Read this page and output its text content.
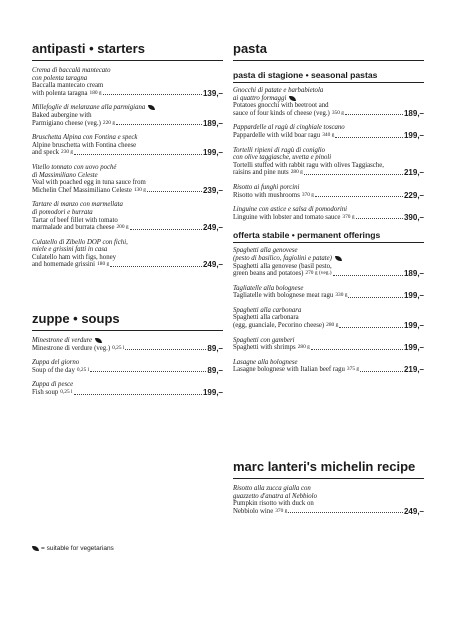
antipasti • starters
Crema di baccalà mantecato
con polenta taragna
Baccalla mantecato cream
with polenta taragna 180 g	139,–
Millefoglie di melanzane alla parmigiana
Baked aubergine with
Parmigiano cheese (veg.) 220 g	189,–
Bruschetta Alpina con Fontina e speck
Alpine bruschetta with Fontina cheese
and speck 230 g	199,–
Vitello tonnato con uovo poché
di Massimiliano Celeste
Veal with poached egg in tuna sauce from
Michelin Chef Massimiliano Celeste 130 g	239,–
Tartare di manzo con marmellata
di pomodori e burrata
Tartar of beef fillet with tomato
marmalade and burrata cheese 200 g	249,–
Culatello di Zibello DOP con fichi,
miele e grissini fatti in casa
Culatello ham with figs, honey
and homemade grissini 180 g	249,–
zuppe • soups
Minestrone di verdure
Minestrone di verdure (veg.) 0,25 l	89,–
Zuppa del giorno
Soup of the day 0,25 l	89,–
Zuppa di pesce
Fish soup 0,25 l	199,–
pasta
pasta di stagione • seasonal pastas
Gnocchi di patate e barbabietola
ai quattro formaggi
Potatoes gnocchi with beetroot and
sauce of four kinds of cheese (veg.) 350 g	189,–
Pappardelle al ragù di cinghiale toscano
Pappardelle with wild boar ragu 340 g	199,–
Tortelli ripieni di ragù di coniglio
con olive taggiasche, uvetta e pinoli
Tortelli stuffed with rabbit ragu with olives Taggiasche,
raisins and pine nuts 280 g	219,–
Risotto ai funghi porcini
Risotto with mushrooms 370 g	229,–
Linguine con astice e salsa di pomodorini
Linguine with lobster and tomato sauce 370 g	390,–
offerta stabile • permanent offerings
Spaghetti alla genovese
(pesto di basilico, fagiolini e patate)
Spaghetti alla genovese (basil pesto,
green beans and potatoes) 270 g (veg.)	189,–
Tagliatelle alla bolognese
Tagliatelle with bolognese meat ragu 330 g	199,–
Spaghetti alla carbonara
Spaghetti alla carbonara
(egg, guanciale, Pecorino cheese) 280 g	199,–
Spaghetti con gamberi
Spaghetti with shrimps 280 g	199,–
Lasagne alla bolognese
Lasagne bolognese with Italian beef ragu 375 g	219,–
marc lanteri's michelin recipe
Risotto alla zucca gialla con
guazzetto d'anatra al Nebbiolo
Pumpkin risotto with duck on
Nebbiolo wine 370 g	249,–
= suitable for vegetarians
